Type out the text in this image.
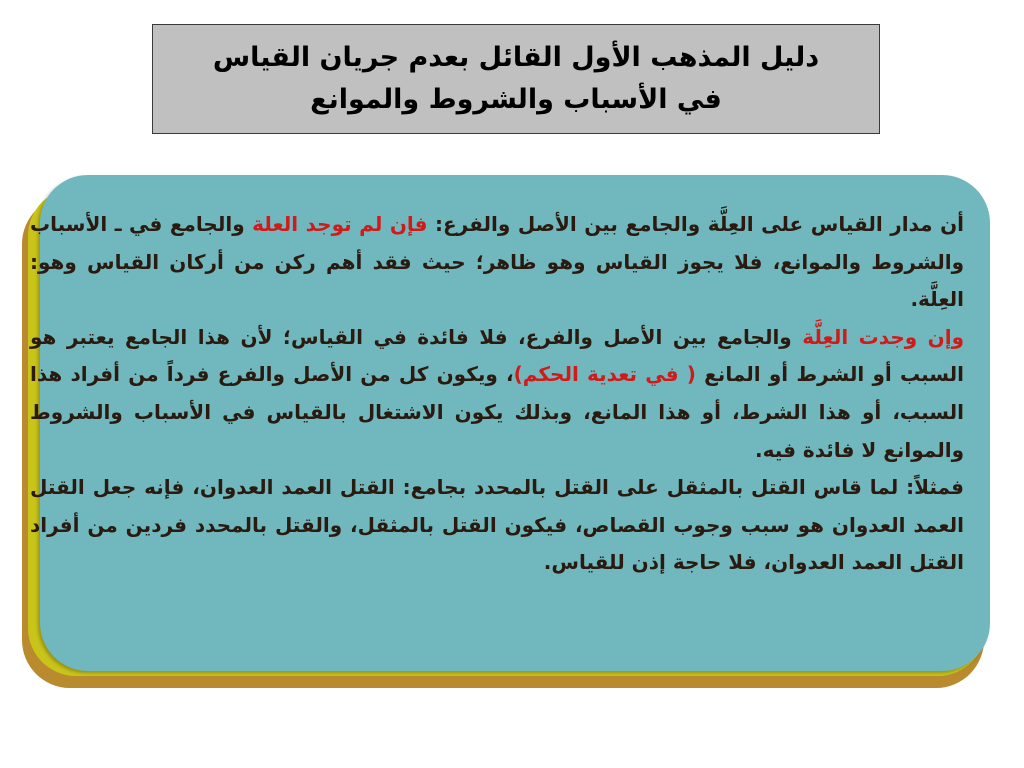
دليل المذهب الأول القائل بعدم جريان القياس في الأسباب والشروط والموانع

أن مدار القياس على العِلَّة والجامع بين الأصل والفرع: فإن لم توجد العلة والجامع في ـ الأسباب والشروط والموانع، فلا يجوز القياس وهو ظاهر؛ حيث فقد أهم ركن من أركان القياس وهو: العِلَّة.

وإن وجدت العِلَّة والجامع بين الأصل والفرع، فلا فائدة في القياس؛ لأن هذا الجامع يعتبر هو السبب أو الشرط أو المانع ( في تعدية الحكم)، ويكون كل من الأصل والفرع فرداً من أفراد هذا السبب، أو هذا الشرط، أو هذا المانع، وبذلك يكون الاشتغال بالقياس في الأسباب والشروط والموانع لا فائدة فيه.

فمثلاً: لما قاس القتل بالمثقل على القتل بالمحدد بجامع: القتل العمد العدوان، فإنه جعل القتل العمد العدوان هو سبب وجوب القصاص، فيكون القتل بالمثقل، والقتل بالمحدد فردين من أفراد القتل العمد العدوان، فلا حاجة إذن للقياس.
